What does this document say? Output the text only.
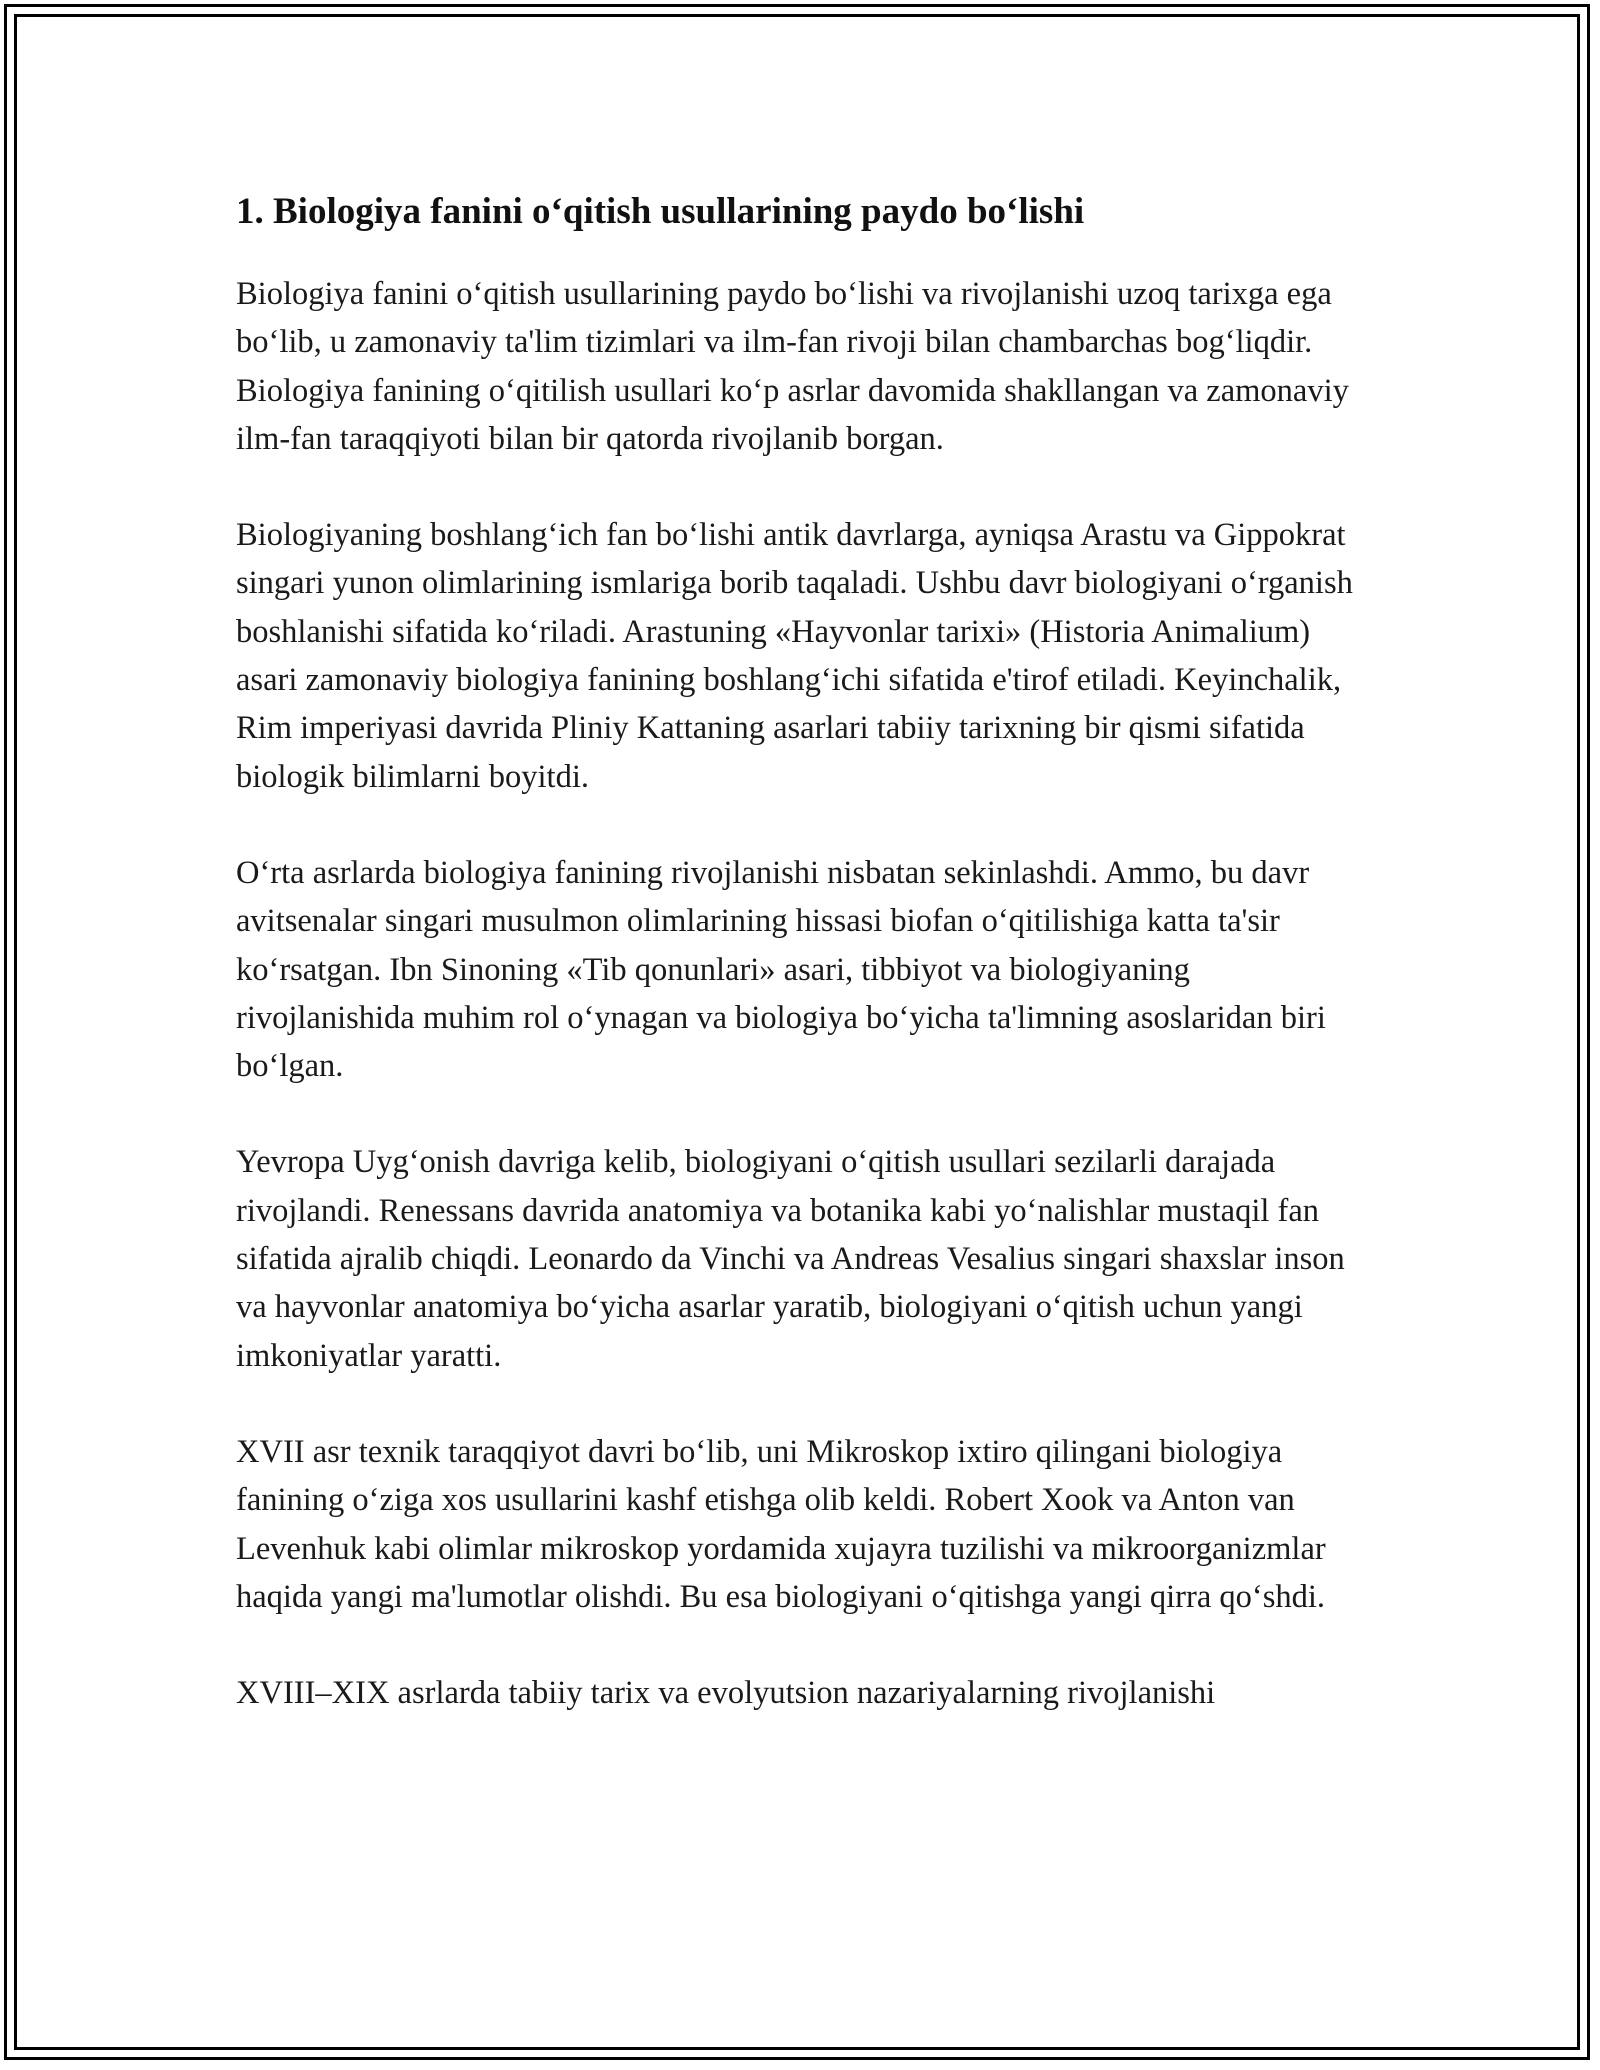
1. Biologiya fanini oʻqitish usullarining paydo boʻlishi

Biologiya fanini oʻqitish usullarining paydo boʻlishi va rivojlanishi uzoq tarixga ega boʻlib, u zamonaviy ta'lim tizimlari va ilm-fan rivoji bilan chambarchas bogʻliqdir. Biologiya fanining oʻqitilish usullari koʻp asrlar davomida shakllangan va zamonaviy ilm-fan taraqqiyoti bilan bir qatorda rivojlanib borgan.

Biologiyaning boshlangʻich fan boʻlishi antik davrlarga, ayniqsa Arastu va Gippokrat singari yunon olimlarining ismlariga borib taqaladi. Ushbu davr biologiyani oʻrganish boshlanishi sifatida koʻriladi. Arastuning «Hayvonlar tarixi» (Historia Animalium) asari zamonaviy biologiya fanining boshlangʻichi sifatida e'tirof etiladi. Keyinchalik, Rim imperiyasi davrida Pliniy Kattaning asarlari tabiiy tarixning bir qismi sifatida biologik bilimlarni boyitdi.

Oʻrta asrlarda biologiya fanining rivojlanishi nisbatan sekinlashdi. Ammo, bu davr avitsenalar singari musulmon olimlarining hissasi biofan oʻqitilishiga katta ta'sir koʻrsatgan. Ibn Sinoning «Tib qonunlari» asari, tibbiyot va biologiyaning rivojlanishida muhim rol oʻynagan va biologiya boʻyicha ta'limning asoslaridan biri boʻlgan.

Yevropa Uygʻonish davriga kelib, biologiyani oʻqitish usullari sezilarli darajada rivojlandi. Renessans davrida anatomiya va botanika kabi yoʻnalishlar mustaqil fan sifatida ajralib chiqdi. Leonardo da Vinchi va Andreas Vesalius singari shaxslar inson va hayvonlar anatomiya boʻyicha asarlar yaratib, biologiyani oʻqitish uchun yangi imkoniyatlar yaratti.

XVII asr texnik taraqqiyot davri boʻlib, uni Mikroskop ixtiro qilingani biologiya fanining oʻziga xos usullarini kashf etishga olib keldi. Robert Xook va Anton van Levenhuk kabi olimlar mikroskop yordamida xujayra tuzilishi va mikroorganizmlar haqida yangi ma'lumotlar olishdi. Bu esa biologiyani oʻqitishga yangi qirra qoʻshdi.

XVIII–XIX asrlarda tabiiy tarix va evolyutsion nazariyalarning rivojlanishi
